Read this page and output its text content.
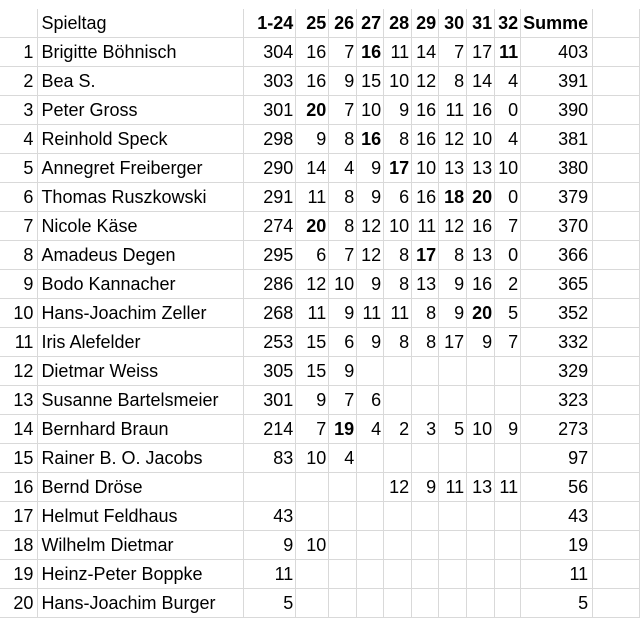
	Spieltag	1-24	25	26	27	28	29	30	31	32	Summe	
1	Brigitte Böhnisch	304	16	7	16	11	14	7	17	11	403	
2	Bea S.	303	16	9	15	10	12	8	14	4	391	
3	Peter Gross	301	20	7	10	9	16	11	16	0	390	
4	Reinhold Speck	298	9	8	16	8	16	12	10	4	381	
5	Annegret Freiberger	290	14	4	9	17	10	13	13	10	380	
6	Thomas Ruszkowski	291	11	8	9	6	16	18	20	0	379	
7	Nicole Käse	274	20	8	12	10	11	12	16	7	370	
8	Amadeus Degen	295	6	7	12	8	17	8	13	0	366	
9	Bodo Kannacher	286	12	10	9	8	13	9	16	2	365	
10	Hans-Joachim Zeller	268	11	9	11	11	8	9	20	5	352	
11	Iris Alefelder	253	15	6	9	8	8	17	9	7	332	
12	Dietmar Weiss	305	15	9							329	
13	Susanne Bartelsmeier	301	9	7	6						323	
14	Bernhard Braun	214	7	19	4	2	3	5	10	9	273	
15	Rainer B. O. Jacobs	83	10	4							97	
16	Bernd Dröse					12	9	11	13	11	56	
17	Helmut Feldhaus	43									43	
18	Wilhelm Dietmar	9	10								19	
19	Heinz-Peter Boppke	11									11	
20	Hans-Joachim Burger	5									5	
